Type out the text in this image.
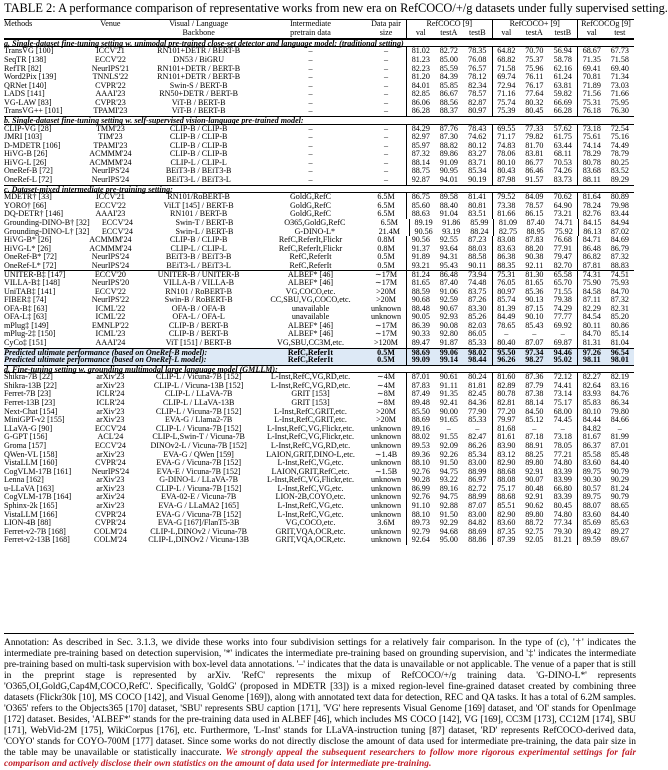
TABLE 2: A performance comparison of representative works from new era on RefCOCO/+/g datasets under fully supervised setting.
Methods	Venue	Visual / Language	Intermediate	Data pair	RefCOCO [9]	RefCOCO+ [9]	RefCOCOg [9]
Backbone	pretrain data	size	val	testA	testB	val	testA	testB	val	test
a. Single-dataset fine-tuning setting w. unimodal pre-trained close-set detector and language model: (traditional setting)
TransVG [100]	ICCV'21	RN101+DETR / BERT-B	–	–	81.02	82.72	78.35	64.82	70.70	56.94	68.67	67.73
SeqTR [138]	ECCV'22	DN53 / BiGRU	–	–	81.23	85.00	76.08	68.82	75.37	58.78	71.35	71.58
RefTR [82]	NeurIPS'21	RN101+DETR / BERT-B	–	–	82.23	85.59	76.57	71.58	75.96	62.16	69.41	69.40
Word2Pix [139]	TNNLS'22	RN101+DETR / BERT-B	–	–	81.20	84.39	78.12	69.74	76.11	61.24	70.81	71.34
QRNet [140]	CVPR'22	Swin-S / BERT-B	–	–	84.01	85.85	82.34	72.94	76.17	63.81	71.89	73.03
LADS [141]	AAAI'23	RN50+DETR / BERT-B	–	–	82.85	86.67	78.57	71.16	77.64	59.82	71.56	71.66
VG-LAW [83]	CVPR'23	ViT-B / BERT-B	–	–	86.06	88.56	82.87	75.74	80.32	66.69	75.31	75.95
TransVG++ [101]	TPAMI'23	ViT-B / BERT-B	–	–	86.28	88.37	80.97	75.39	80.45	66.28	76.18	76.30
b. Single-dataset fine-tuning setting w. self-supervised vision-language pre-trained model:
CLIP-VG [28]	TMM'23	CLIP-B / CLIP-B	–	–	84.29	87.76	78.43	69.55	77.33	57.62	73.18	72.54
JMRI [103]	TIM'23	CLIP-B / CLIP-B	–	–	82.97	87.30	74.62	71.17	79.82	61.75	75.61	75.16
D-MDETR [106]	TPAMI'23	CLIP-B / CLIP-B	–	–	85.97	88.82	80.12	74.83	81.70	63.44	74.14	74.49
HiVG-B [26]	ACMMM'24	CLIP-B / CLIP-B	–	–	87.32	89.86	83.27	78.06	83.81	68.11	78.29	78.79
HiVG-L [26]	ACMMM'24	CLIP-L / CLIP-L	–	–	88.14	91.09	83.71	80.10	86.77	70.53	80.78	80.25
OneRef-B [72]	NeurIPS'24	BEiT3-B / BEiT3-B	–	–	88.75	90.95	85.34	80.43	86.46	74.26	83.68	83.52
OneRef-L [72]	NeurIPS'24	BEiT3-L / BEiT3-L	–	–	92.87	94.01	90.19	87.98	91.57	83.73	88.11	89.29
c. Dataset-mixed intermediate pre-training setting:
MDETR† [33]	ICCV'21	RN101/RoBERT-B	GoldG,RefC	6.5M	86.75	89.58	81.41	79.52	84.09	70.62	81.64	80.89
YORO† [66]	ECCV'22	ViLT [145] / BERT-B	GoldG,RefC	6.5M	85.60	88.40	80.81	73.38	78.57	64.90	78.24	79.98
DQ-DETR† [146]	AAAI'23	RN101 / BERT-B	GoldG,RefC	6.5M	88.63	91.04	83.51	81.66	86.15	73.21	82.76	83.44
Grounding-DINO-B† [32]	ECCV'24	Swin-T / BERT-B	O365,GoldG,RefC	6.5M	89.19	91.86	85.99	81.09	87.40	74.71	84.15	84.94
Grounding-DINO-L† [32]	ECCV'24	Swin-L / BERT-B	G-DINO-L*	21.4M	90.56	93.19	88.24	82.75	88.95	75.92	86.13	87.02
HiVG-B* [26]	ACMMM'24	CLIP-B / CLIP-B	RefC,ReferIt,Flickr	0.8M	90.56	92.55	87.23	83.08	87.83	76.68	84.71	84.69
HiVG-L* [26]	ACMMM'24	CLIP-L / CLIP-L	RefC,ReferIt,Flickr	0.8M	91.37	93.64	88.03	83.63	88.20	77.91	86.48	86.79
OneRef-B* [72]	NeurIPS'24	BEiT3-B / BEiT3-B	RefC,ReferIt	0.5M	91.89	94.31	88.58	86.38	90.38	79.47	86.82	87.32
OneRef-L* [72]	NeurIPS'24	BEiT3-L / BEiT3-L	RefC,ReferIt	0.5M	93.21	95.43	90.11	88.35	92.11	82.70	87.81	88.83
UNITER-B‡ [147]	ECCV'20	UNITER-B / UNITER-B	ALBEF* [46]	∼17M	81.24	86.48	73.94	75.31	81.30	65.58	74.31	74.51
VILLA-B‡ [148]	NeurIPS'20	VILLA-B / VILLA-B	ALBEF* [46]	∼17M	81.65	87.40	74.48	76.05	81.65	65.70	75.90	75.93
UniTAB‡ [141]	ECCV'22	RN101 / RoBERT-B	VG,COCO,etc.	>20M	88.59	91.06	83.75	80.97	85.36	71.55	84.58	84.70
FIBER‡ [74]	NeurIPS'22	Swin-B / RoBERT-B	CC,SBU,VG,COCO,etc.	>20M	90.68	92.59	87.26	85.74	90.13	79.38	87.11	87.32
OFA-B‡ [63]	ICML'22	OFA-B / OFA-B	unavailable	unknown	88.48	90.67	83.30	81.39	87.15	74.29	82.29	82.31
OFA-L‡ [63]	ICML'22	OFA-L / OFA-L	unavailable	unknown	90.05	92.93	85.26	84.49	90.10	77.77	84.54	85.20
mPlug‡ [149]	EMNLP'22	CLIP-B / BERT-B	ALBEF* [46]	∼17M	86.39	90.08	82.03	78.65	85.43	69.92	80.11	80.86
mPlug-2‡ [150]	ICML'23	CLIP-B / BERT-B	ALBEF* [46]	∼17M	90.33	92.80	86.05	–	–	–	84.70	85.14
CyCo‡ [151]	AAAI'24	ViT [151] / BERT-B	VG,SBU,CC3M,etc.	>120M	89.47	91.87	85.33	80.40	87.07	69.87	81.31	81.04
Predicted ultimate performance (based on OneRef-B model):	RefC,ReferIt	0.5M	98.69	99.06	98.02	95.50	97.34	94.46	97.26	96.54
Predicted ultimate performance (based on OneRef-L model):	RefC,ReferIt	0.5M	99.09	99.14	98.44	96.26	98.27	95.02	98.11	98.01
d. Fine-tuning setting w. grounding multimodal large language model (GMLLM):
Shikra-7B [22]	arXiv'23	CLIP-L / Vicuna-7B [152]	L-Inst,RefC,VG,RD,etc.	∼4M	87.01	90.61	80.24	81.60	87.36	72.12	82.27	82.19
Shikra-13B [22]	arXiv'23	CLIP-L / Vicuna-13B [152]	L-Inst,RefC,VG,RD,etc.	∼4M	87.83	91.11	81.81	82.89	87.79	74.41	82.64	83.16
Ferret-7B [23]	ICLR'24	CLIP-L / LLaVA-7B	GRIT [153]	∼8M	87.49	91.35	82.45	80.78	87.38	73.14	83.93	84.76
Ferret-13B [23]	ICLR'24	CLIP-L / LLaVA-13B	GRIT [153]	∼8M	89.48	92.41	84.36	82.81	88.14	75.17	85.83	86.34
Next-Chat [154]	arXiv'23	CLIP-L / Vicuna-7B [152]	L-Inst,RefC,GRIT,etc.	>20M	85.50	90.00	77.90	77.20	84.50	68.00	80.10	79.80
MiniGPT-v2 [155]	arXiv'23	EVA-G / Llama2-7B	L-Inst,RefC,GRIT,etc.	>20M	88.69	91.65	85.33	79.97	85.12	74.45	84.44	84.66
LLaVA-G [90]	ECCV'24	CLIP-L / Vicuna-7B [152]	L-Inst,RefC,VG,Flickr,etc.	unknown	89.16	–	–	81.68	–	–	84.82	–
G-GPT [156]	ACL'24	CLIP-L,Swin-T / Vicuna-7B	L-Inst,RefC,VG,Flickr,etc.	unknown	88.02	91.55	82.47	81.61	87.18	73.18	81.67	81.99
Groma [157]	ECCV'24	DINOv2-L / Vicuna-7B [152]	L-Inst,RefC,VG,RD,etc.	unknown	89.53	92.09	86.26	83.90	88.91	78.05	86.37	87.01
QWen-VL [158]	arXiv'23	EVA-G / QWen [159]	LAION,GRIT,DINO-L,etc.	∼1.4B	89.36	92.26	85.34	83.12	88.25	77.21	85.58	85.48
VistaLLM [160]	CVPR'24	EVA-G / Vicuna-7B [152]	L-Inst,RefC,VG,etc.	unknown	88.10	91.50	83.00	82.90	89.80	74.80	83.60	84.40
CogVLM-17B [161]	NeurIPS'24	EVA-E / Vicuna-7B [152]	LAION,GRIT,RefC,etc.	∼1.5B	92.76	94.75	88.99	88.68	92.91	83.39	89.75	90.79
Lenna [162]	arXiv'23	G-DINO-L / LLaVA-7B	L-Inst,RefC,VG,Flickr,etc.	unknown	90.28	93.22	86.97	88.08	90.07	83.99	90.30	90.29
u-LLaVA [163]	arXiv'23	CLIP-L / Vicuna-7B [152]	L-Inst,RefC,VG,etc.	unknown	86.99	89.16	82.72	75.17	80.48	66.80	80.57	81.24
CogVLM-17B [164]	arXiv'24	EVA-02-E / Vicuna-7B	LION-2B,COYO,etc.	unknown	92.76	94.75	88.99	88.68	92.91	83.39	89.75	90.79
Sphinx-2k [165]	arXiv'23	EVA-G / LLaMA2 [165]	L-Inst,RefC,VG,etc.	unknown	91.10	92.88	87.07	85.51	90.62	80.45	88.07	88.65
VistaLLM [166]	CVPR'24	EVA-G / Vicuna-7B [152]	L-Inst,RefC,VG,etc.	unknown	88.10	91.50	83.00	82.90	89.80	74.80	83.60	84.40
LION-4B [88]	CVPR'24	EVA-G [167]/FlanT5-3B	VG,COCO,etc.	3.6M	89.73	92.29	84.82	83.60	88.72	77.34	85.69	85.63
Ferret-v2-7B [168]	COLM'24	CLIP-L,DINOv2 / Vicuna-7B	GRIT,VQA,OCR,etc.	unknown	92.79	94.68	88.69	87.35	92.75	79.30	89.42	89.27
Ferret-v2-13B [168]	COLM'24	CLIP-L,DINOv2 / Vicuna-13B	GRIT,VQA,OCR,etc.	unknown	92.64	95.00	88.86	87.39	92.05	81.21	89.59	89.67
Annotation: As described in Sec. 3.1.3, we divide these works into four subdivision settings for a relatively fair comparison. In the type of (c), '†' indicates the intermediate pre-training based on detection supervision, '*' indicates the intermediate pre-training based on grounding supervision, and '‡' indicates the intermediate pre-training based on multi-task supervision with box-level data annotations. '–' indicates that the data is unavailable or not applicable. The venue of a paper that is still in the preprint stage is represented by arXiv. 'RefC' represents the mixup of RefCOCO/+/g training data. 'G-DINO-L*' represents 'O365,OI,GoldG,Cap4M,COCO,RefC'. Specifically, 'GoldG' (proposed in MDETR [33]) is a mixed region-level fine-grained dataset created by combining three datasets (Flickr30k [10], MS COCO [142], and Visual Genome [169]), along with annotated text data for detection, REC and QA tasks. It has a total of 6.2M samples. 'O365' refers to the Objects365 [170] dataset, 'SBU' represents SBU caption [171], 'VG' here represents Visual Genome [169] dataset, and 'OI' stands for OpenImage [172] dataset. Besides, 'ALBEF*' stands for the pre-training data used in ALBEF [46], which includes MS COCO [142], VG [169], CC3M [173], CC12M [174], SBU [171], WebVid-2M [175], WikiCorpus [176], etc. Furthermore, 'L-Inst' stands for LLaVA-instruction tuning [87] dataset, 'RD' represents RefCOCO-derived data, 'COYO' stands for COYO-700M [177] dataset. Since some works do not directly disclose the amount of data used for intermediate pre-training, the data pair size in the table may be unavailable or statistically inaccurate. We strongly appeal the subsequent researchers to follow more rigorous experimental settings for fair comparison and actively disclose their own statistics on the amount of data used for intermediate pre-training.
